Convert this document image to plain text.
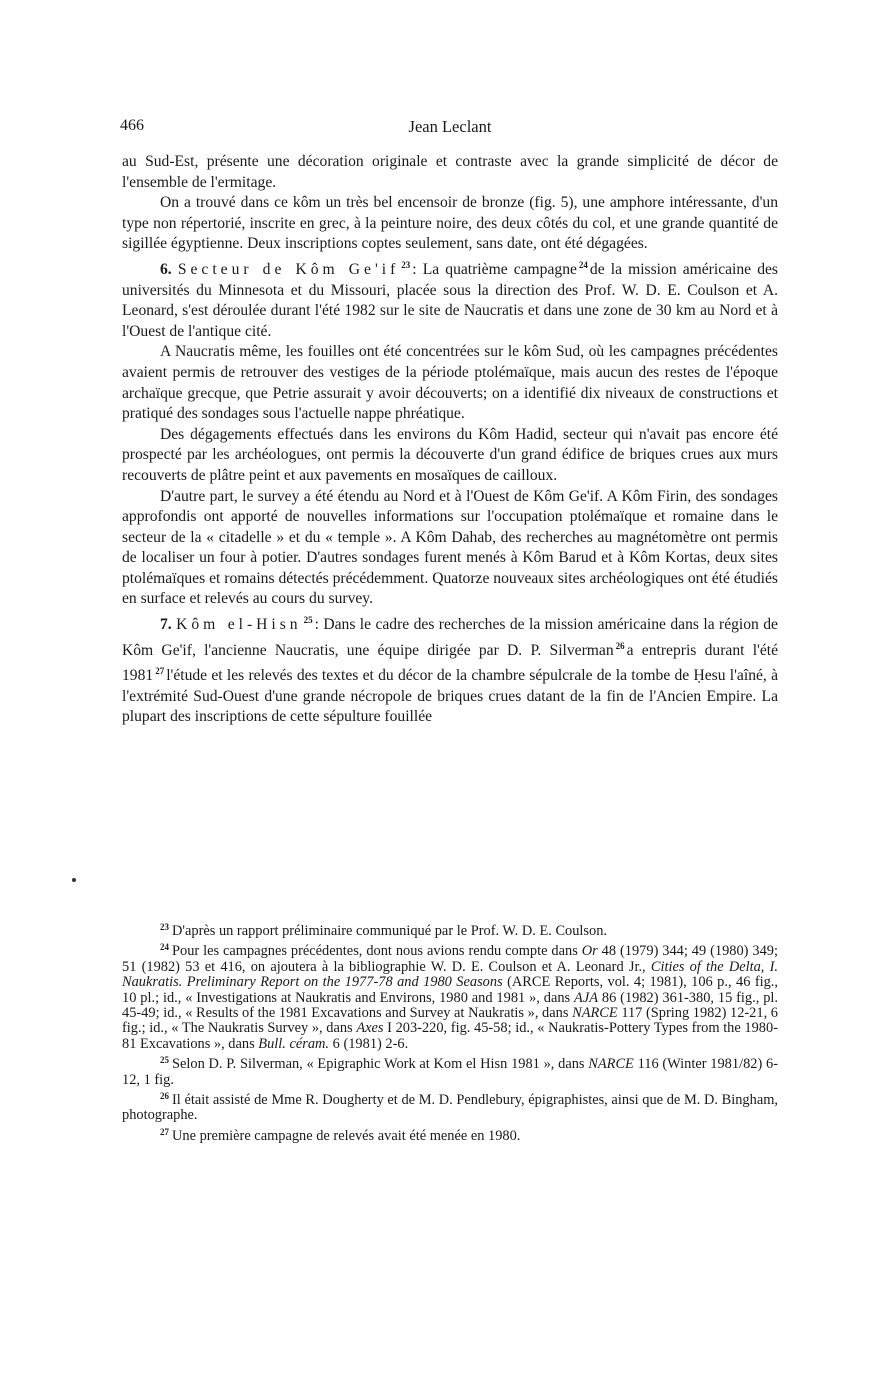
466	Jean Leclant

au Sud-Est, présente une décoration originale et contraste avec la grande simplicité de décor de l'ensemble de l'ermitage.

On a trouvé dans ce kôm un très bel encensoir de bronze (fig. 5), une amphore intéressante, d'un type non répertorié, inscrite en grec, à la peinture noire, des deux côtés du col, et une grande quantité de sigillée égyptienne. Deux inscriptions coptes seulement, sans date, ont été dégagées.

6. Secteur de Kôm Ge'if $^{23}$ : La quatrième campagne $^{24}$ de la mission américaine des universités du Minnesota et du Missouri, placée sous la direction des Prof. W. D. E. Coulson et A. Leonard, s'est déroulée durant l'été 1982 sur le site de Naucratis et dans une zone de 30 km au Nord et à l'Ouest de l'antique cité.

A Naucratis même, les fouilles ont été concentrées sur le kôm Sud, où les campagnes précédentes avaient permis de retrouver des vestiges de la période ptolémaïque, mais aucun des restes de l'époque archaïque grecque, que Petrie assurait y avoir découverts; on a identifié dix niveaux de constructions et pratiqué des sondages sous l'actuelle nappe phréatique.

Des dégagements effectués dans les environs du Kôm Hadid, secteur qui n'avait pas encore été prospecté par les archéologues, ont permis la découverte d'un grand édifice de briques crues aux murs recouverts de plâtre peint et aux pavements en mosaïques de cailloux.

D'autre part, le survey a été étendu au Nord et à l'Ouest de Kôm Ge'if. A Kôm Firin, des sondages approfondis ont apporté de nouvelles informations sur l'occupation ptolémaïque et romaine dans le secteur de la « citadelle » et du « temple ». A Kôm Dahab, des recherches au magnétomètre ont permis de localiser un four à potier. D'autres sondages furent menés à Kôm Barud et à Kôm Kortas, deux sites ptolémaïques et romains détectés précédemment. Quatorze nouveaux sites archéologiques ont été étudiés en surface et relevés au cours du survey.

7. Kôm el-Hisn $^{25}$ : Dans le cadre des recherches de la mission américaine dans la région de Kôm Ge'if, l'ancienne Naucratis, une équipe dirigée par D. P. Silverman $^{26}$ a entrepris durant l'été 1981 $^{27}$ l'étude et les relevés des textes et du décor de la chambre sépulcrale de la tombe de Ḥesu l'aîné, à l'extrémité Sud-Ouest d'une grande nécropole de briques crues datant de la fin de l'Ancien Empire. La plupart des inscriptions de cette sépulture fouillée

$^{23}$ D'après un rapport préliminaire communiqué par le Prof. W. D. E. Coulson.

$^{24}$ Pour les campagnes précédentes, dont nous avions rendu compte dans Or 48 (1979) 344; 49 (1980) 349; 51 (1982) 53 et 416, on ajoutera à la bibliographie W. D. E. Coulson et A. Leonard Jr., Cities of the Delta, I. Naukratis. Preliminary Report on the 1977-78 and 1980 Seasons (ARCE Reports, vol. 4; 1981), 106 p., 46 fig., 10 pl.; id., « Investigations at Naukratis and Environs, 1980 and 1981 », dans AJA 86 (1982) 361-380, 15 fig., pl. 45-49; id., « Results of the 1981 Excavations and Survey at Naukratis », dans NARCE 117 (Spring 1982) 12-21, 6 fig.; id., « The Naukratis Survey », dans Axes I 203-220, fig. 45-58; id., « Naukratis-Pottery Types from the 1980-81 Excavations », dans Bull. céram. 6 (1981) 2-6.

$^{25}$ Selon D. P. Silverman, « Epigraphic Work at Kom el Hisn 1981 », dans NARCE 116 (Winter 1981/82) 6-12, 1 fig.

$^{26}$ Il était assisté de Mme R. Dougherty et de M. D. Pendlebury, épigraphistes, ainsi que de M. D. Bingham, photographe.

$^{27}$ Une première campagne de relevés avait été menée en 1980.
